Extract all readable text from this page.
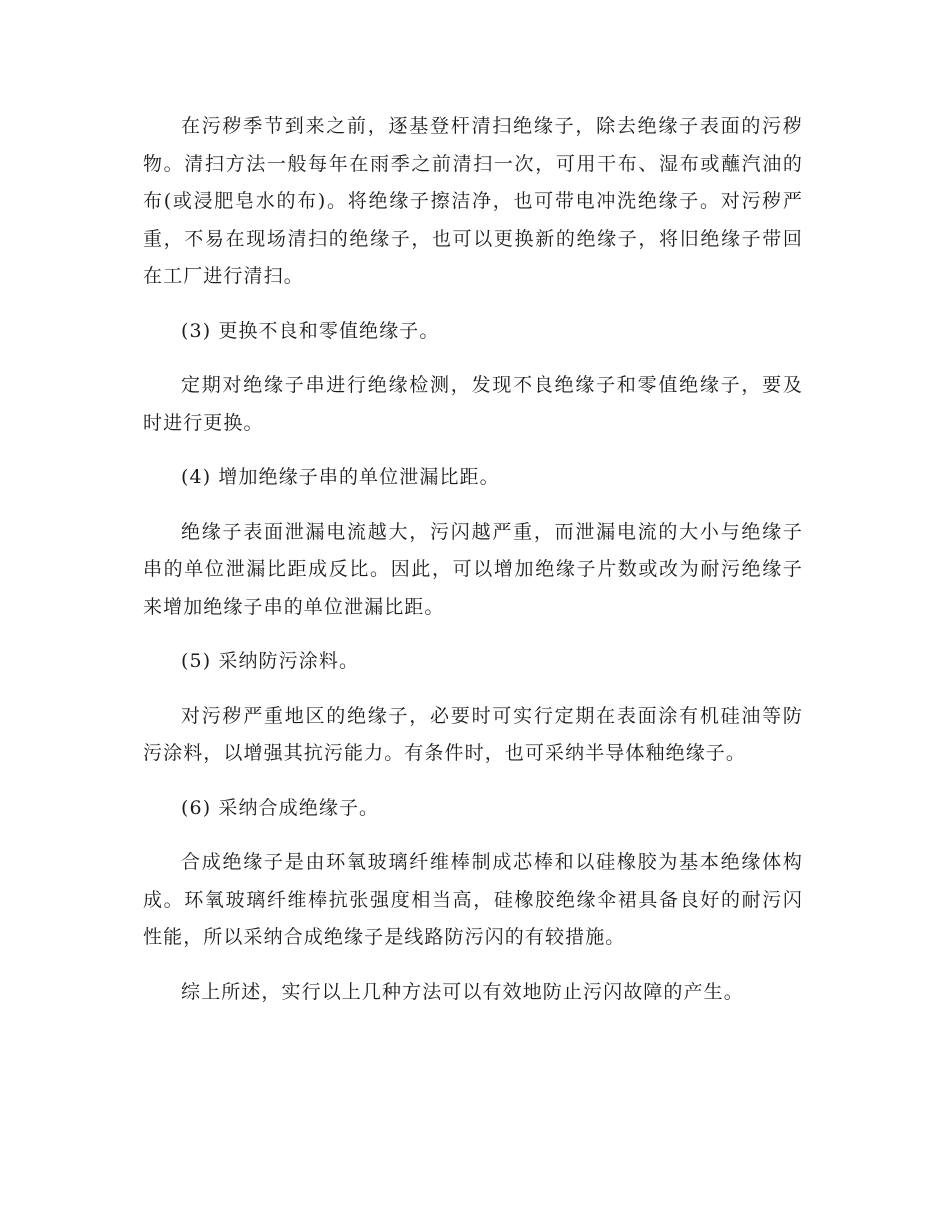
在污秽季节到来之前，逐基登杆清扫绝缘子，除去绝缘子表面的污秽物。清扫方法一般每年在雨季之前清扫一次，可用干布、湿布或蘸汽油的布(或浸肥皂水的布)。将绝缘子擦洁净，也可带电冲洗绝缘子。对污秽严重，不易在现场清扫的绝缘子，也可以更换新的绝缘子，将旧绝缘子带回在工厂进行清扫。

(3) 更换不良和零值绝缘子。

定期对绝缘子串进行绝缘检测，发现不良绝缘子和零值绝缘子，要及时进行更换。

(4) 增加绝缘子串的单位泄漏比距。

绝缘子表面泄漏电流越大，污闪越严重，而泄漏电流的大小与绝缘子串的单位泄漏比距成反比。因此，可以增加绝缘子片数或改为耐污绝缘子来增加绝缘子串的单位泄漏比距。

(5) 采纳防污涂料。

对污秽严重地区的绝缘子，必要时可实行定期在表面涂有机硅油等防污涂料，以增强其抗污能力。有条件时，也可采纳半导体釉绝缘子。

(6) 采纳合成绝缘子。

合成绝缘子是由环氧玻璃纤维棒制成芯棒和以硅橡胶为基本绝缘体构成。环氧玻璃纤维棒抗张强度相当高，硅橡胶绝缘伞裙具备良好的耐污闪性能，所以采纳合成绝缘子是线路防污闪的有较措施。

综上所述，实行以上几种方法可以有效地防止污闪故障的产生。
